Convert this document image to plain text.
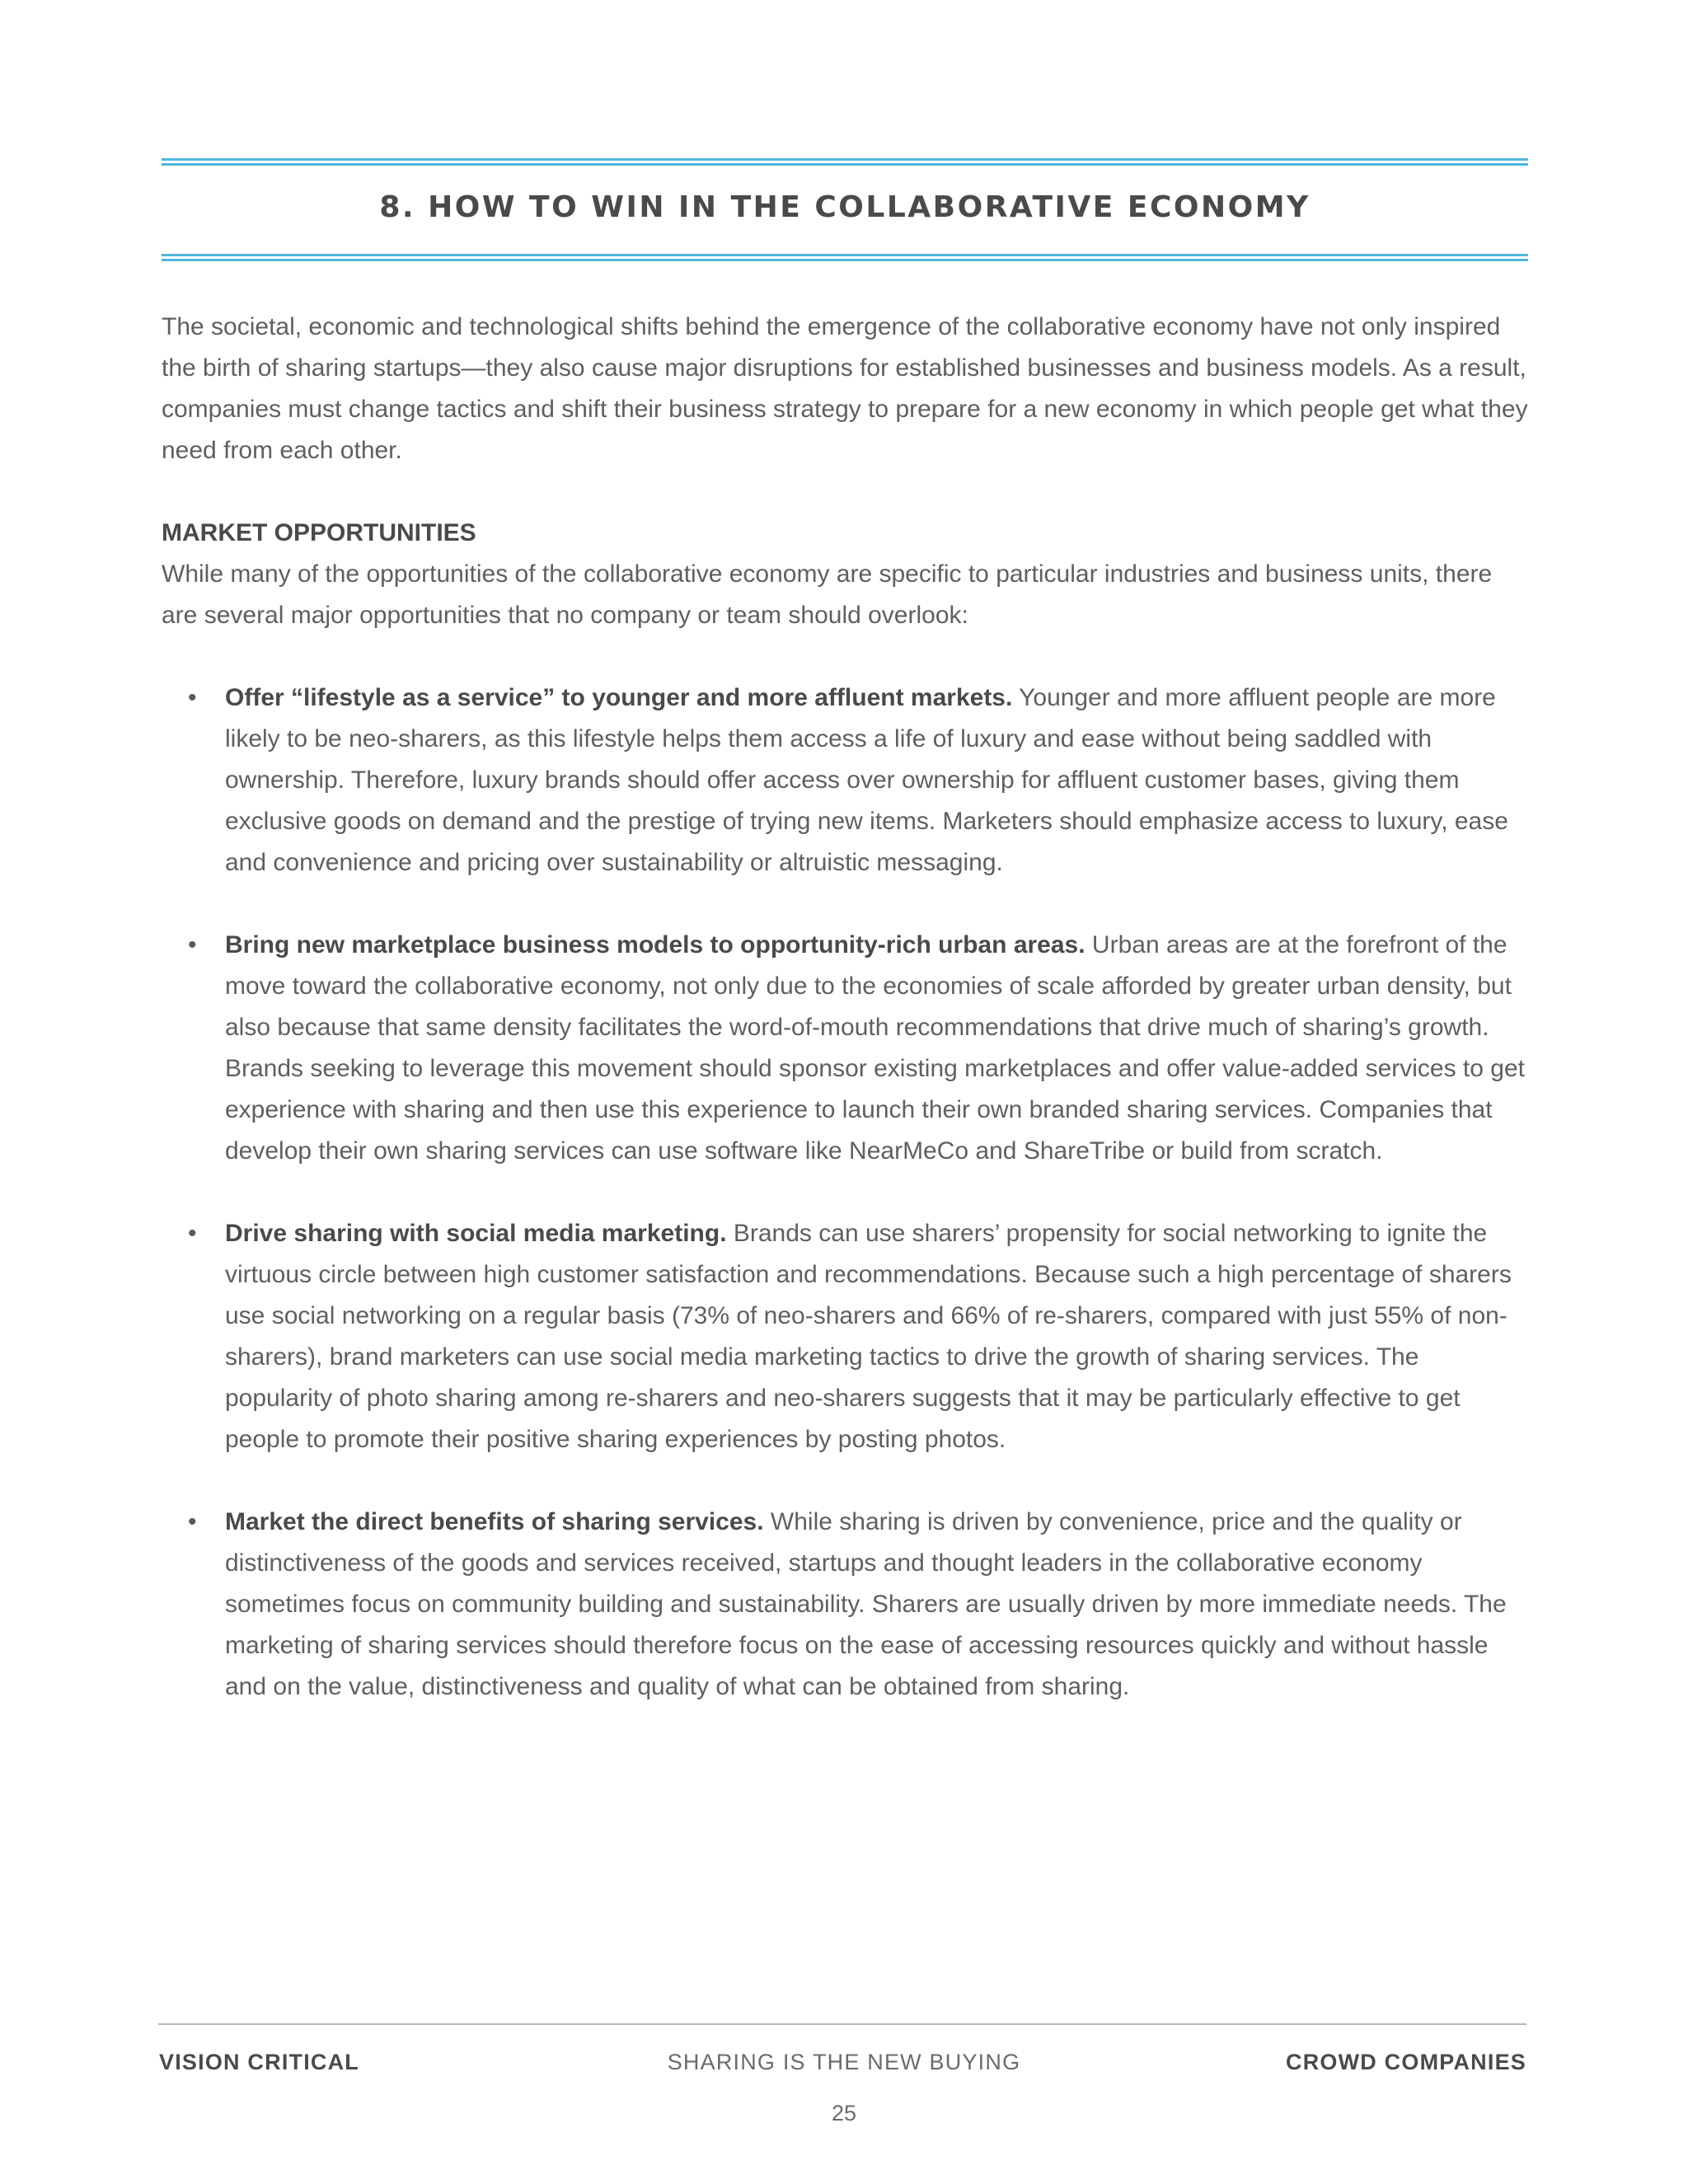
8. HOW TO WIN IN THE COLLABORATIVE ECONOMY

The societal, economic and technological shifts behind the emergence of the collaborative economy have not only inspired the birth of sharing startups—they also cause major disruptions for established businesses and business models. As a result, companies must change tactics and shift their business strategy to prepare for a new economy in which people get what they need from each other.

MARKET OPPORTUNITIES

While many of the opportunities of the collaborative economy are specific to particular industries and business units, there are several major opportunities that no company or team should overlook:

• Offer “lifestyle as a service” to younger and more affluent markets. Younger and more affluent people are more likely to be neo-sharers, as this lifestyle helps them access a life of luxury and ease without being saddled with ownership. Therefore, luxury brands should offer access over ownership for affluent customer bases, giving them exclusive goods on demand and the prestige of trying new items. Marketers should emphasize access to luxury, ease and convenience and pricing over sustainability or altruistic messaging.

• Bring new marketplace business models to opportunity-rich urban areas. Urban areas are at the forefront of the move toward the collaborative economy, not only due to the economies of scale afforded by greater urban density, but also because that same density facilitates the word-of-mouth recommendations that drive much of sharing’s growth. Brands seeking to leverage this movement should sponsor existing marketplaces and offer value-added services to get experience with sharing and then use this experience to launch their own branded sharing services. Companies that develop their own sharing services can use software like NearMeCo and ShareTribe or build from scratch.

• Drive sharing with social media marketing. Brands can use sharers’ propensity for social networking to ignite the virtuous circle between high customer satisfaction and recommendations. Because such a high percentage of sharers use social networking on a regular basis (73% of neo-sharers and 66% of re-sharers, compared with just 55% of non-sharers), brand marketers can use social media marketing tactics to drive the growth of sharing services. The popularity of photo sharing among re-sharers and neo-sharers suggests that it may be particularly effective to get people to promote their positive sharing experiences by posting photos.

• Market the direct benefits of sharing services. While sharing is driven by convenience, price and the quality or distinctiveness of the goods and services received, startups and thought leaders in the collaborative economy sometimes focus on community building and sustainability. Sharers are usually driven by more immediate needs. The marketing of sharing services should therefore focus on the ease of accessing resources quickly and without hassle and on the value, distinctiveness and quality of what can be obtained from sharing.

VISION CRITICAL	SHARING IS THE NEW BUYING	CROWD COMPANIES
25
